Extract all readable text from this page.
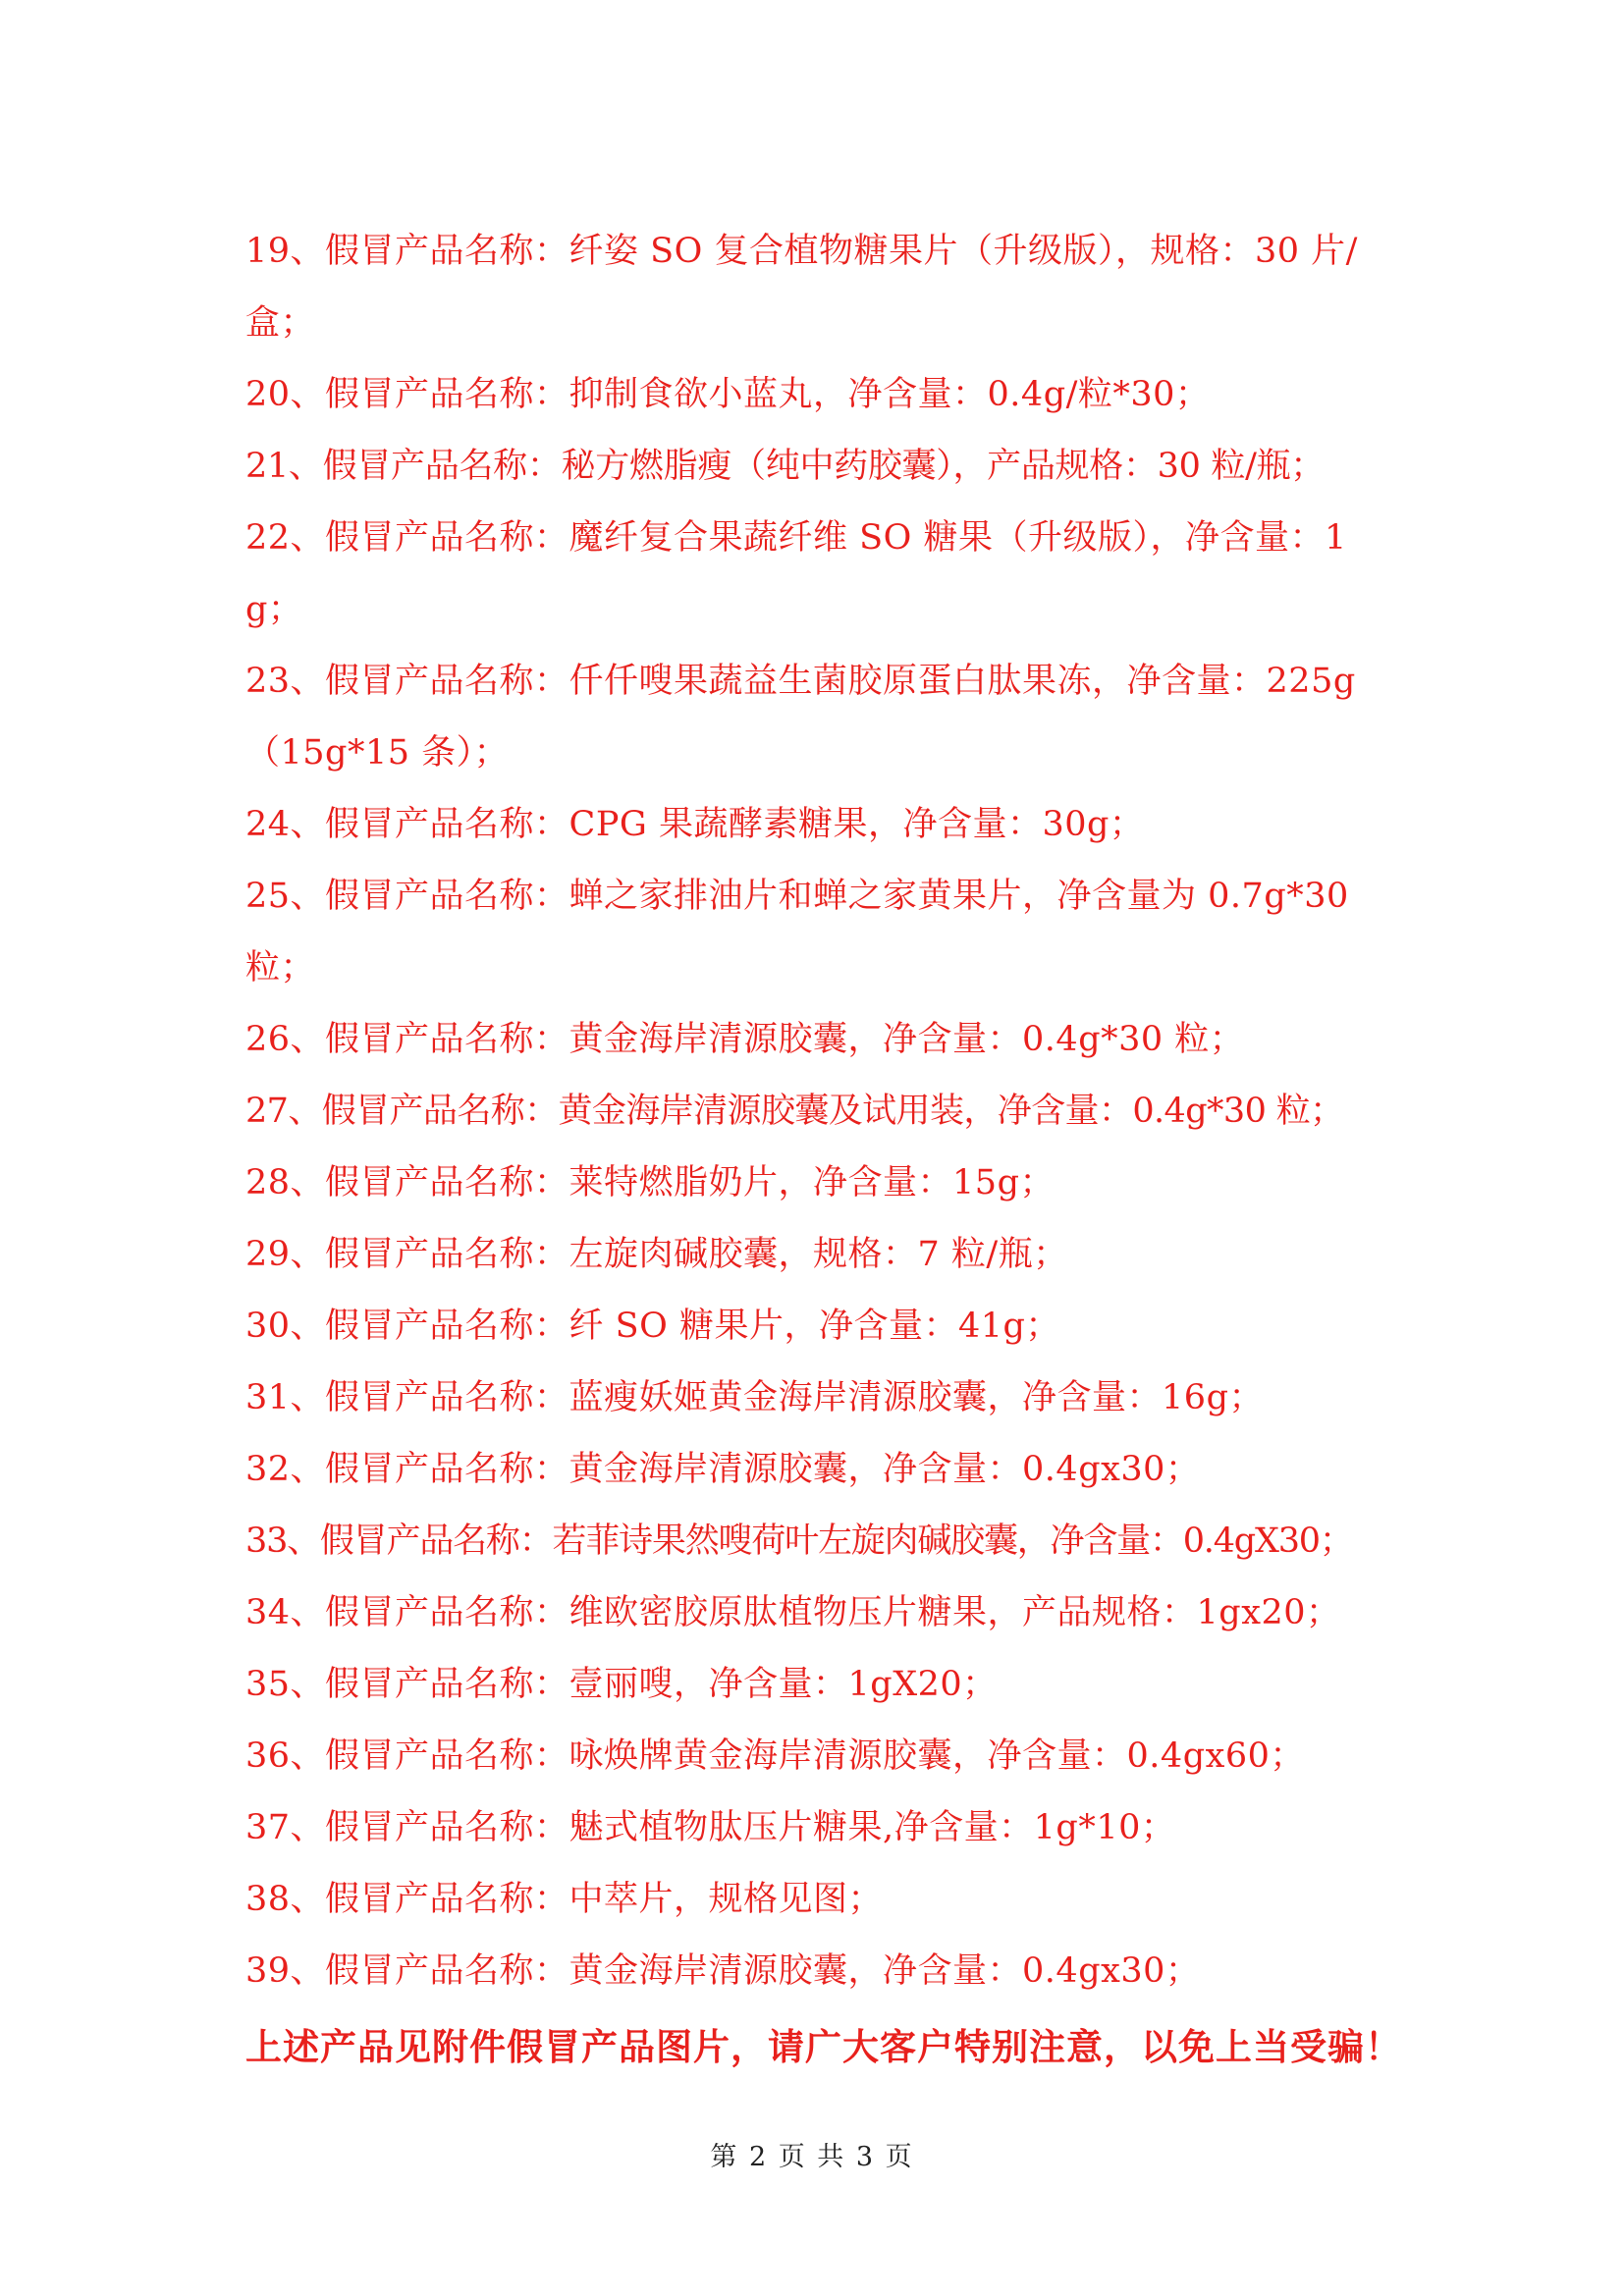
19、假冒产品名称：纤姿 SO 复合植物糖果片（升级版），规格：30 片/盒；
20、假冒产品名称：抑制食欲小蓝丸，净含量：0.4g/粒*30；
21、假冒产品名称：秘方燃脂瘦（纯中药胶囊），产品规格：30 粒/瓶；
22、假冒产品名称：魔纤复合果蔬纤维 SO 糖果（升级版），净含量：1g；
23、假冒产品名称：仟仟嗖果蔬益生菌胶原蛋白肽果冻，净含量：225g（15g*15 条）；
24、假冒产品名称：CPG 果蔬酵素糖果，净含量：30g；
25、假冒产品名称：蝉之家排油片和蝉之家黄果片，净含量为 0.7g*30 粒；
26、假冒产品名称：黄金海岸清源胶囊，净含量：0.4g*30 粒；
27、假冒产品名称：黄金海岸清源胶囊及试用装，净含量：0.4g*30 粒；
28、假冒产品名称：莱特燃脂奶片，净含量：15g；
29、假冒产品名称：左旋肉碱胶囊，规格：7 粒/瓶；
30、假冒产品名称：纤 SO 糖果片，净含量：41g；
31、假冒产品名称：蓝瘦妖姬黄金海岸清源胶囊，净含量：16g；
32、假冒产品名称：黄金海岸清源胶囊，净含量：0.4gx30；
33、假冒产品名称：若菲诗果然嗖荷叶左旋肉碱胶囊，净含量：0.4gX30；
34、假冒产品名称：维欧密胶原肽植物压片糖果，产品规格：1gx20；
35、假冒产品名称：壹丽嗖，净含量：1gX20；
36、假冒产品名称：咏焕牌黄金海岸清源胶囊，净含量：0.4gx60；
37、假冒产品名称：魅式植物肽压片糖果,净含量：1g*10；
38、假冒产品名称：中萃片，规格见图；
39、假冒产品名称：黄金海岸清源胶囊，净含量：0.4gx30；
上述产品见附件假冒产品图片，请广大客户特别注意，以免上当受骗！
第 2 页 共 3 页
